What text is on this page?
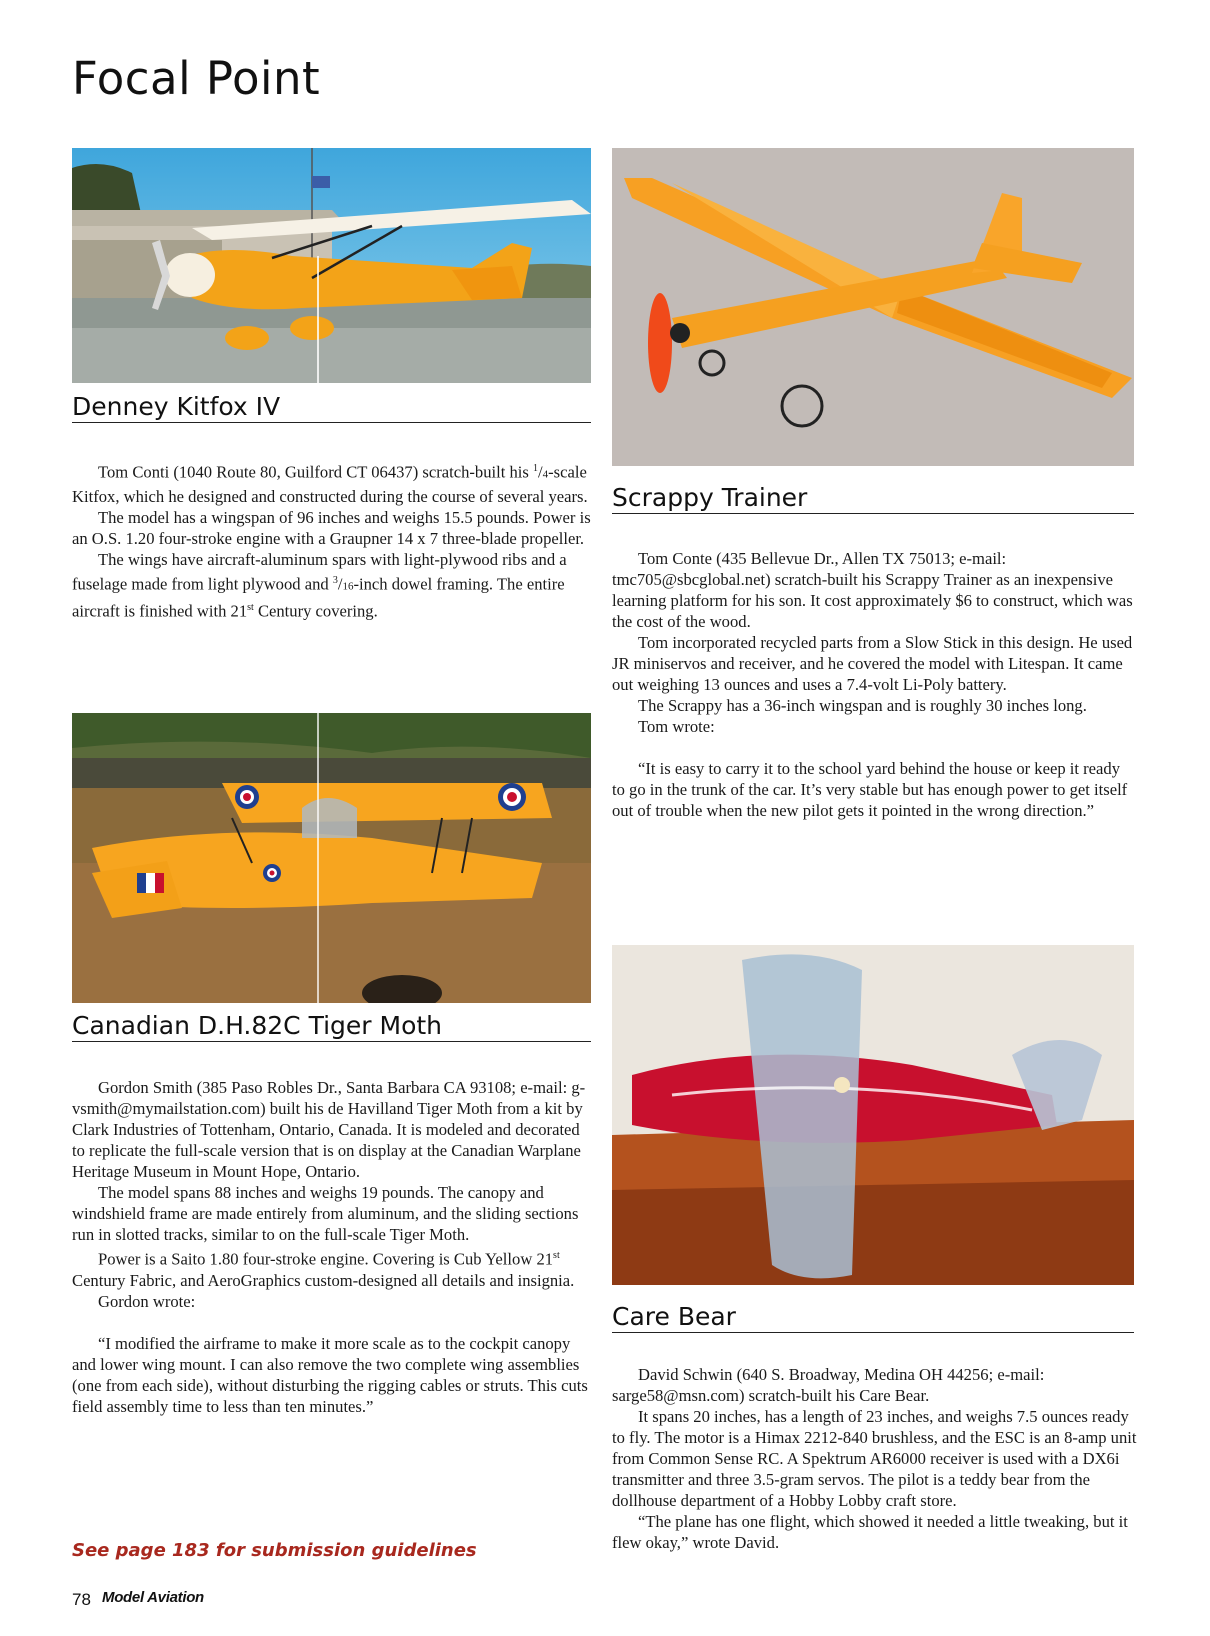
Focal Point
Denney Kitfox IV

Tom Conti (1040 Route 80, Guilford CT 06437) scratch-built his $^1$/4-scale Kitfox, which he designed and constructed during the course of several years.

The model has a wingspan of 96 inches and weighs 15.5 pounds. Power is an O.S. 1.20 four-stroke engine with a Graupner 14 x 7 three-blade propeller.

The wings have aircraft-aluminum spars with light-plywood ribs and a fuselage made from light plywood and $^3$/16-inch dowel framing. The entire aircraft is finished with 21st Century covering.

Canadian D.H.82C Tiger Moth

Gordon Smith (385 Paso Robles Dr., Santa Barbara CA 93108; e-mail: g-vsmith@mymailstation.com) built his de Havilland Tiger Moth from a kit by Clark Industries of Tottenham, Ontario, Canada. It is modeled and decorated to replicate the full-scale version that is on display at the Canadian Warplane Heritage Museum in Mount Hope, Ontario.

The model spans 88 inches and weighs 19 pounds. The canopy and windshield frame are made entirely from aluminum, and the sliding sections run in slotted tracks, similar to on the full-scale Tiger Moth.

Power is a Saito 1.80 four-stroke engine. Covering is Cub Yellow 21st Century Fabric, and AeroGraphics custom-designed all details and insignia.

Gordon wrote:

“I modified the airframe to make it more scale as to the cockpit canopy and lower wing mount. I can also remove the two complete wing assemblies (one from each side), without disturbing the rigging cables or struts. This cuts field assembly time to less than ten minutes.”

Scrappy Trainer

Tom Conte (435 Bellevue Dr., Allen TX 75013; e-mail: tmc705@sbcglobal.net) scratch-built his Scrappy Trainer as an inexpensive learning platform for his son. It cost approximately $6 to construct, which was the cost of the wood.

Tom incorporated recycled parts from a Slow Stick in this design. He used JR miniservos and receiver, and he covered the model with Litespan. It came out weighing 13 ounces and uses a 7.4-volt Li-Poly battery.

The Scrappy has a 36-inch wingspan and is roughly 30 inches long.

Tom wrote:

“It is easy to carry it to the school yard behind the house or keep it ready to go in the trunk of the car. It’s very stable but has enough power to get itself out of trouble when the new pilot gets it pointed in the wrong direction.”

Care Bear

David Schwin (640 S. Broadway, Medina OH 44256; e-mail: sarge58@msn.com) scratch-built his Care Bear.

It spans 20 inches, has a length of 23 inches, and weighs 7.5 ounces ready to fly. The motor is a Himax 2212-840 brushless, and the ESC is an 8-amp unit from Common Sense RC. A Spektrum AR6000 receiver is used with a DX6i transmitter and three 3.5-gram servos. The pilot is a teddy bear from the dollhouse department of a Hobby Lobby craft store.

“The plane has one flight, which showed it needed a little tweaking, but it flew okay,” wrote David.

See page 183 for submission guidelines
78 Model Aviation
